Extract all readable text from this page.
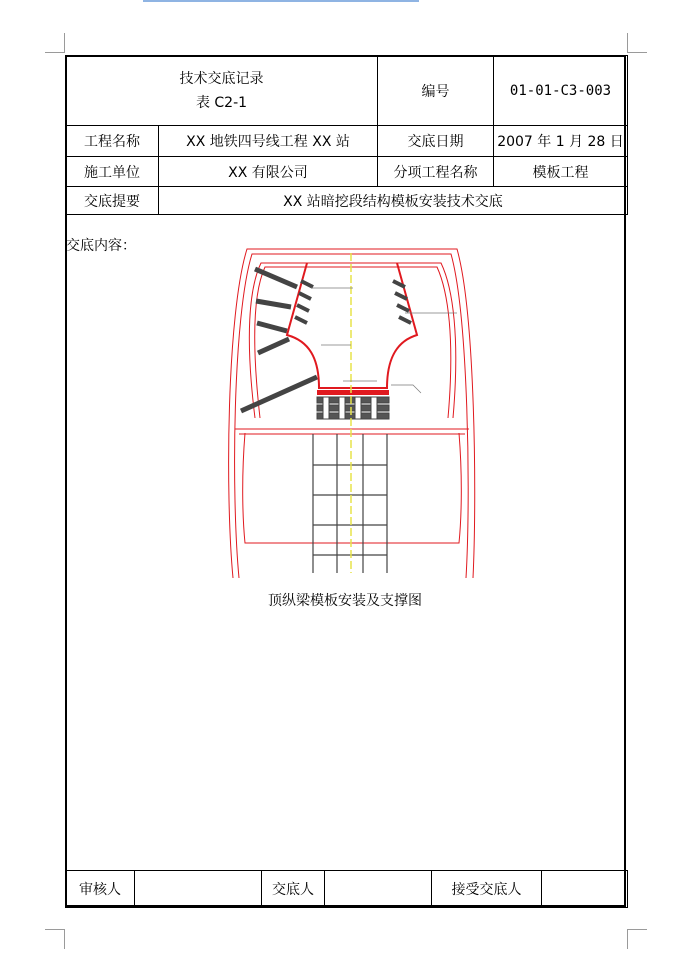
技术交底记录
表 C2-1		编号	01-01-C3-003
工程名称	XX 地铁四号线工程 XX 站	交底日期	2007 年 1 月 28 日
施工单位	XX 有限公司	分项工程名称	模板工程
交底提要	XX 站暗挖段结构模板安装技术交底		
交底内容：
顶纵梁模板安装及支撑图
审核人		交底人		接受交底人	
